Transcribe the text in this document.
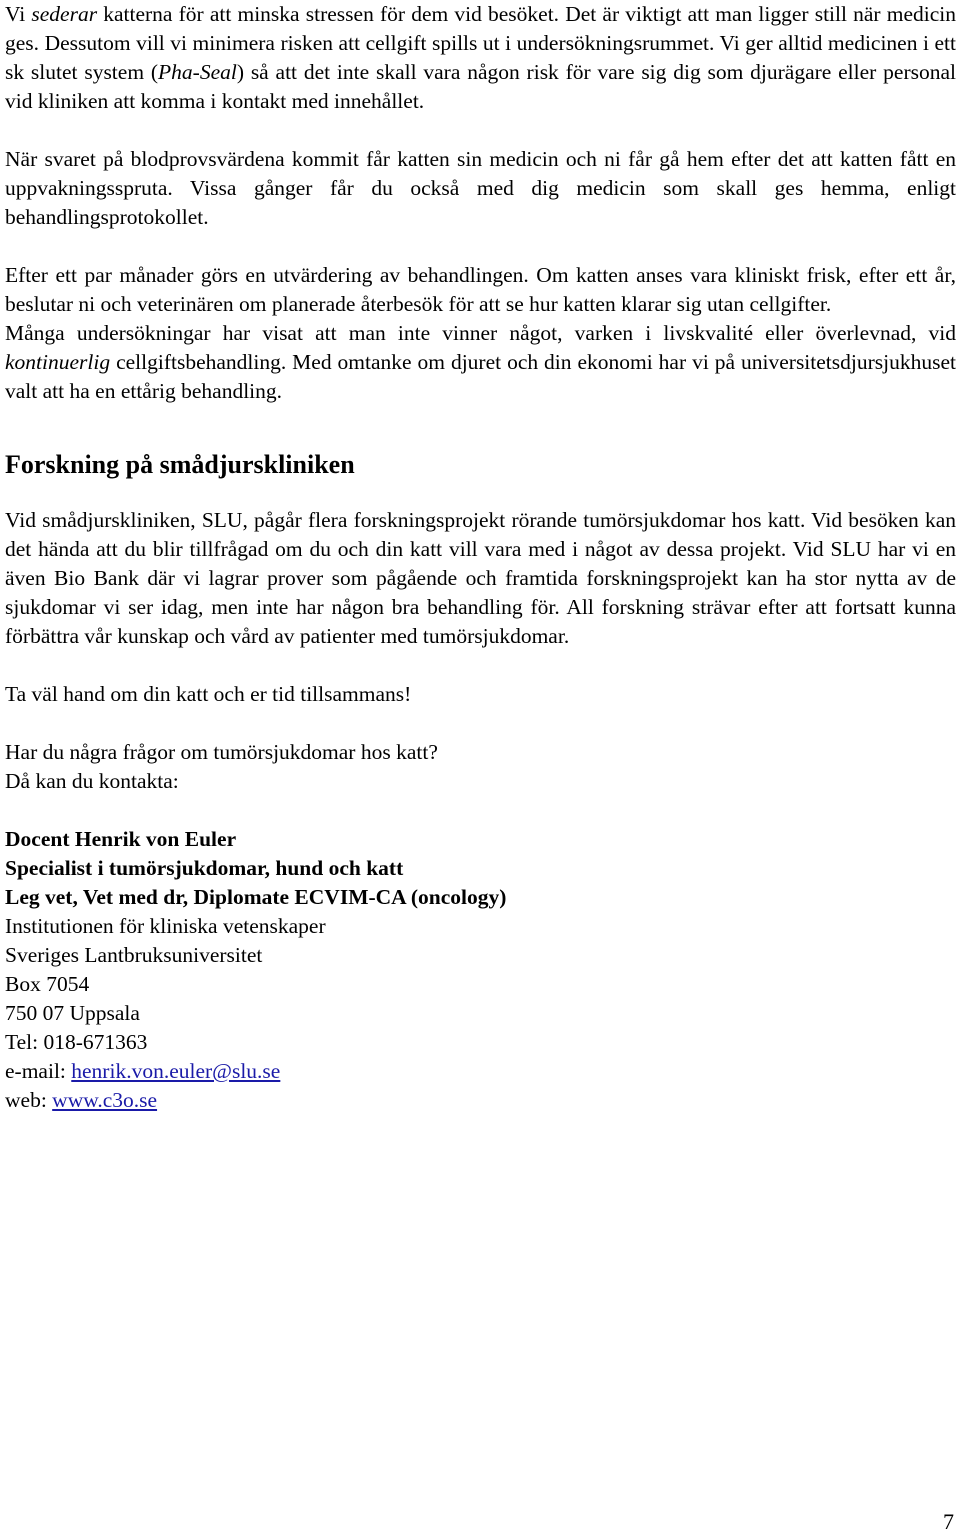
Vi sederar katterna för att minska stressen för dem vid besöket. Det är viktigt att man ligger still när medicin ges. Dessutom vill vi minimera risken att cellgift spills ut i undersökningsrummet. Vi ger alltid medicinen i ett sk slutet system (Pha-Seal) så att det inte skall vara någon risk för vare sig dig som djurägare eller personal vid kliniken att komma i kontakt med innehållet.

När svaret på blodprovsvärdena kommit får katten sin medicin och ni får gå hem efter det att katten fått en uppvakningsspruta. Vissa gånger får du också med dig medicin som skall ges hemma, enligt behandlingsprotokollet.

Efter ett par månader görs en utvärdering av behandlingen. Om katten anses vara kliniskt frisk, efter ett år, beslutar ni och veterinären om planerade återbesök för att se hur katten klarar sig utan cellgifter.

Många undersökningar har visat att man inte vinner något, varken i livskvalité eller överlevnad, vid kontinuerlig cellgiftsbehandling. Med omtanke om djuret och din ekonomi har vi på universitetsdjursjukhuset valt att ha en ettårig behandling.

Forskning på smådjurskliniken

Vid smådjurskliniken, SLU, pågår flera forskningsprojekt rörande tumörsjukdomar hos katt. Vid besöken kan det hända att du blir tillfrågad om du och din katt vill vara med i något av dessa projekt. Vid SLU har vi en även Bio Bank där vi lagrar prover som pågående och framtida forskningsprojekt kan ha stor nytta av de sjukdomar vi ser idag, men inte har någon bra behandling för. All forskning strävar efter att fortsatt kunna förbättra vår kunskap och vård av patienter med tumörsjukdomar.

Ta väl hand om din katt och er tid tillsammans!

Har du några frågor om tumörsjukdomar hos katt?
Då kan du kontakta:

Docent Henrik von Euler
Specialist i tumörsjukdomar, hund och katt
Leg vet, Vet med dr, Diplomate ECVIM-CA (oncology)
Institutionen för kliniska vetenskaper
Sveriges Lantbruksuniversitet
Box 7054
750 07 Uppsala
Tel: 018-671363
e-mail: henrik.von.euler@slu.se
web: www.c3o.se
7
